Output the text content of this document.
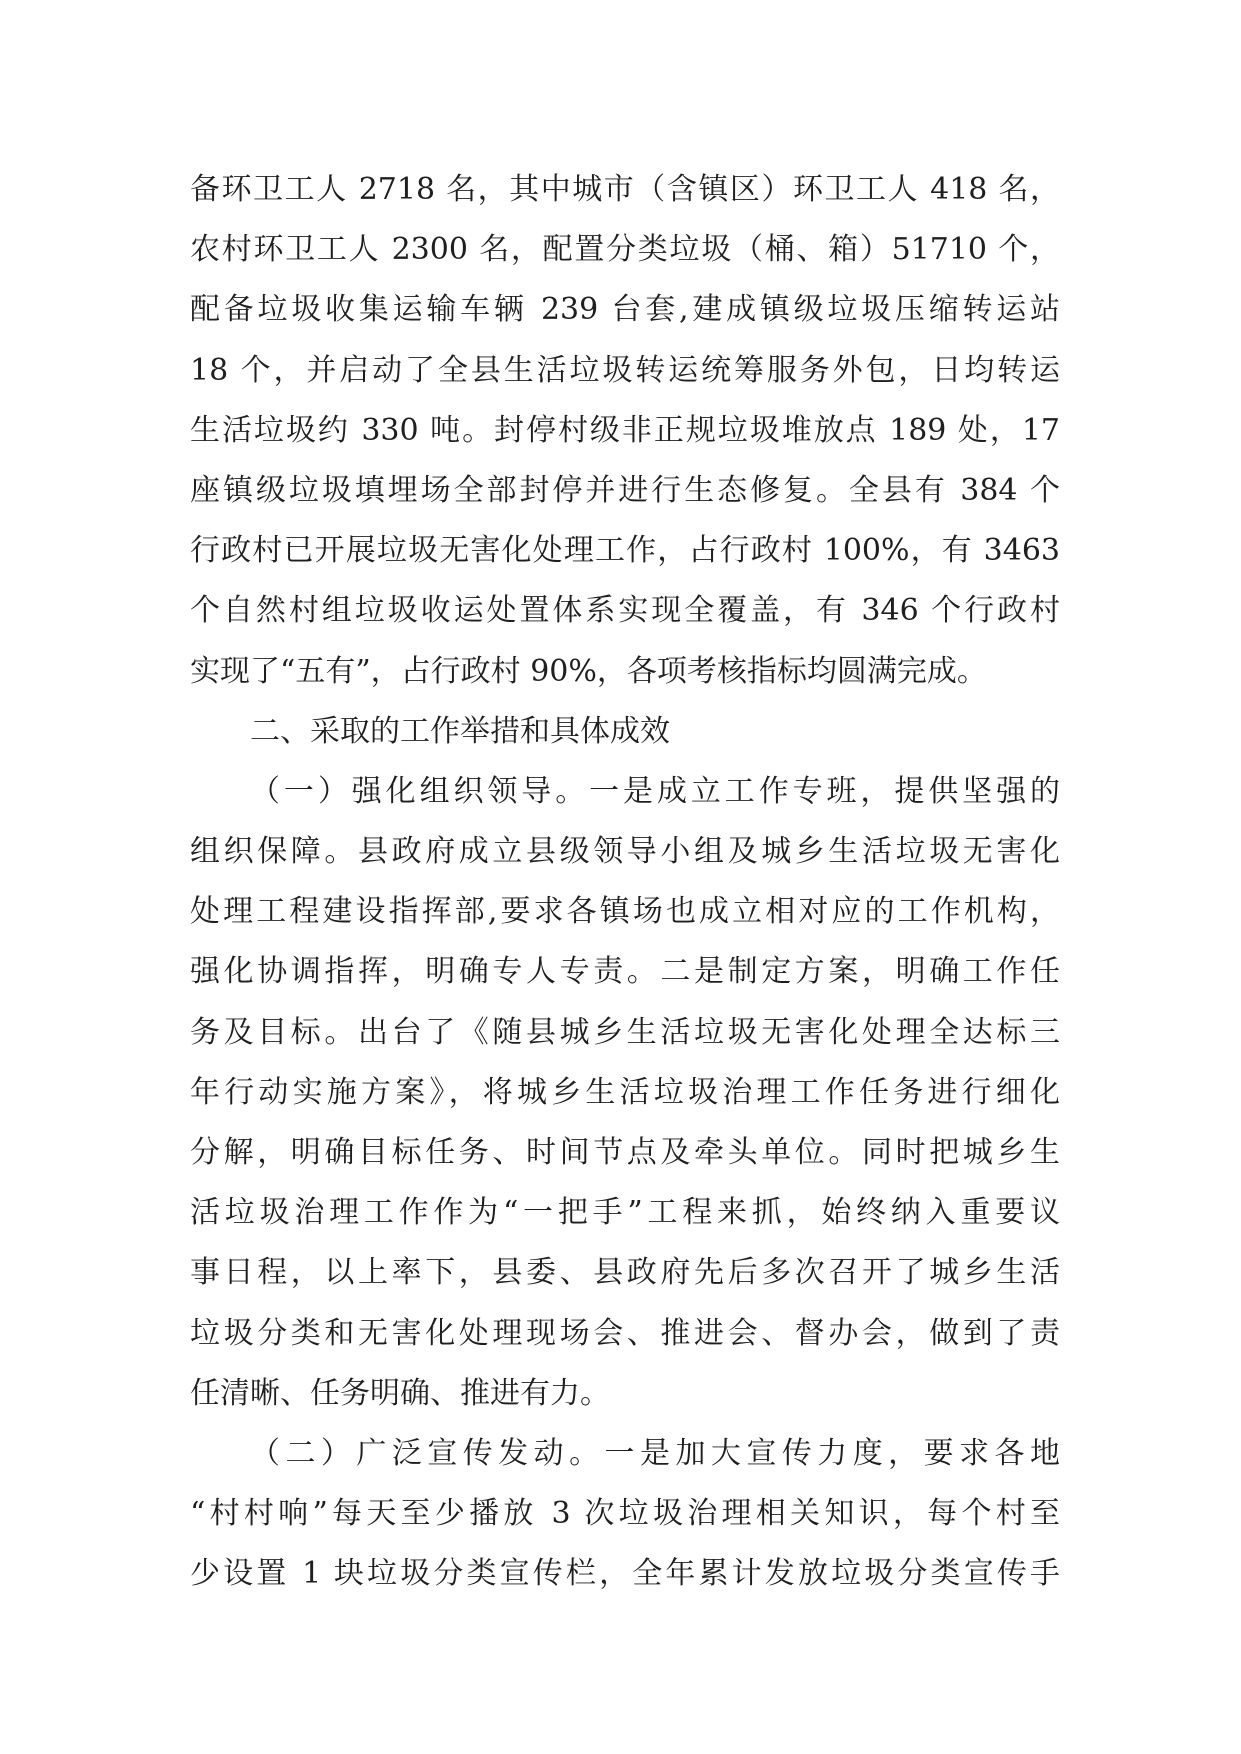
备环卫工人 2718 名，其中城市（含镇区）环卫工人 418 名，
农村环卫工人 2300 名，配置分类垃圾（桶、箱）51710 个，
配备垃圾收集运输车辆 239 台套,建成镇级垃圾压缩转运站
18 个，并启动了全县生活垃圾转运统筹服务外包，日均转运
生活垃圾约 330 吨。封停村级非正规垃圾堆放点 189 处，17
座镇级垃圾填埋场全部封停并进行生态修复。全县有 384 个
行政村已开展垃圾无害化处理工作，占行政村 100%，有 3463
个自然村组垃圾收运处置体系实现全覆盖，有 346 个行政村
实现了“五有”，占行政村 90%，各项考核指标均圆满完成。
二、采取的工作举措和具体成效
（一）强化组织领导。一是成立工作专班，提供坚强的
组织保障。县政府成立县级领导小组及城乡生活垃圾无害化
处理工程建设指挥部,要求各镇场也成立相对应的工作机构，
强化协调指挥，明确专人专责。二是制定方案，明确工作任
务及目标。出台了《随县城乡生活垃圾无害化处理全达标三
年行动实施方案》，将城乡生活垃圾治理工作任务进行细化
分解，明确目标任务、时间节点及牵头单位。同时把城乡生
活垃圾治理工作作为“一把手”工程来抓，始终纳入重要议
事日程，以上率下，县委、县政府先后多次召开了城乡生活
垃圾分类和无害化处理现场会、推进会、督办会，做到了责
任清晰、任务明确、推进有力。
（二）广泛宣传发动。一是加大宣传力度，要求各地
“村村响”每天至少播放 3 次垃圾治理相关知识，每个村至
少设置 1 块垃圾分类宣传栏，全年累计发放垃圾分类宣传手
